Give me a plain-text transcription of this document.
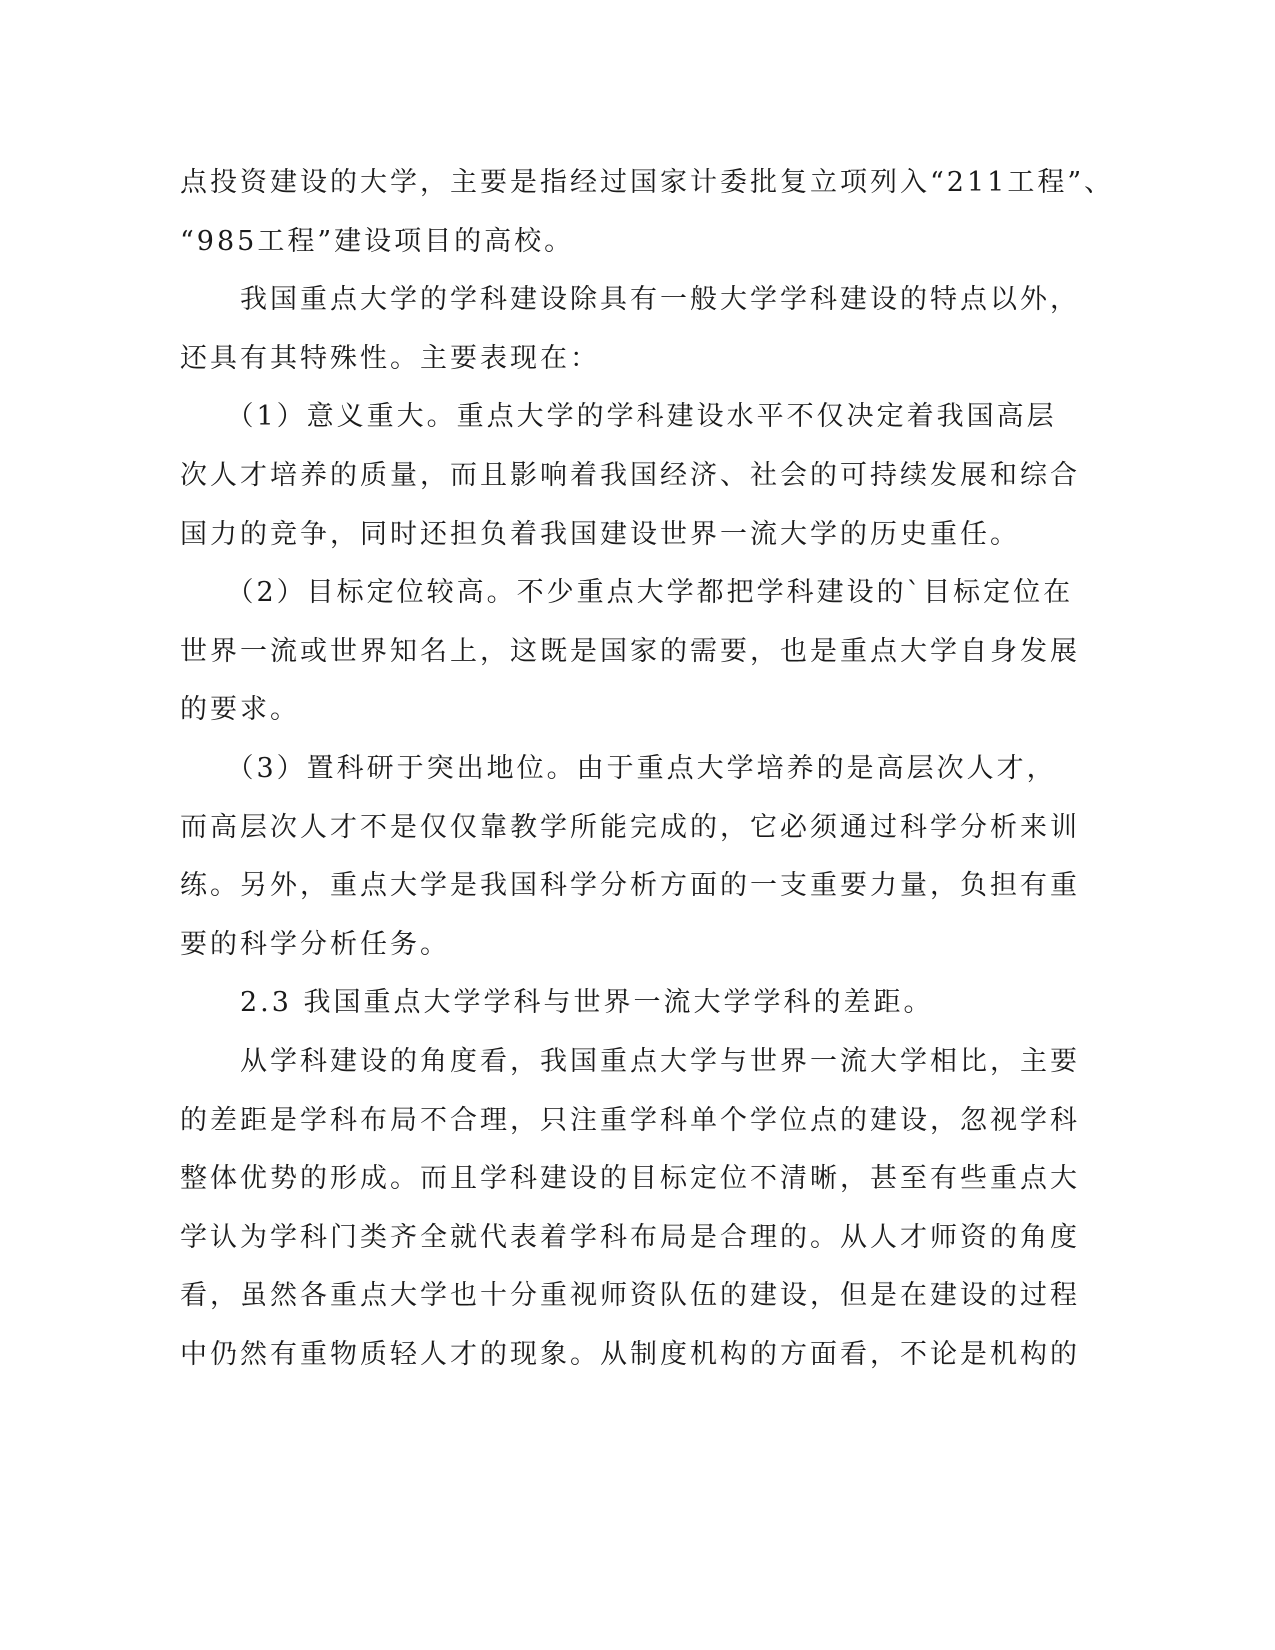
点投资建设的大学，主要是指经过国家计委批复立项列入“211工程”、
“985工程”建设项目的高校。

　　我国重点大学的学科建设除具有一般大学学科建设的特点以外，
还具有其特殊性。主要表现在：

　　（1）意义重大。重点大学的学科建设水平不仅决定着我国高层
次人才培养的质量，而且影响着我国经济、社会的可持续发展和综合
国力的竞争，同时还担负着我国建设世界一流大学的历史重任。

　　（2）目标定位较高。不少重点大学都把学科建设的`目标定位在
世界一流或世界知名上，这既是国家的需要，也是重点大学自身发展
的要求。

　　（3）置科研于突出地位。由于重点大学培养的是高层次人才，
而高层次人才不是仅仅靠教学所能完成的，它必须通过科学分析来训
练。另外，重点大学是我国科学分析方面的一支重要力量，负担有重
要的科学分析任务。

　　2.3 我国重点大学学科与世界一流大学学科的差距。

　　从学科建设的角度看，我国重点大学与世界一流大学相比，主要
的差距是学科布局不合理，只注重学科单个学位点的建设，忽视学科
整体优势的形成。而且学科建设的目标定位不清晰，甚至有些重点大
学认为学科门类齐全就代表着学科布局是合理的。从人才师资的角度
看，虽然各重点大学也十分重视师资队伍的建设，但是在建设的过程
中仍然有重物质轻人才的现象。从制度机构的方面看，不论是机构的
